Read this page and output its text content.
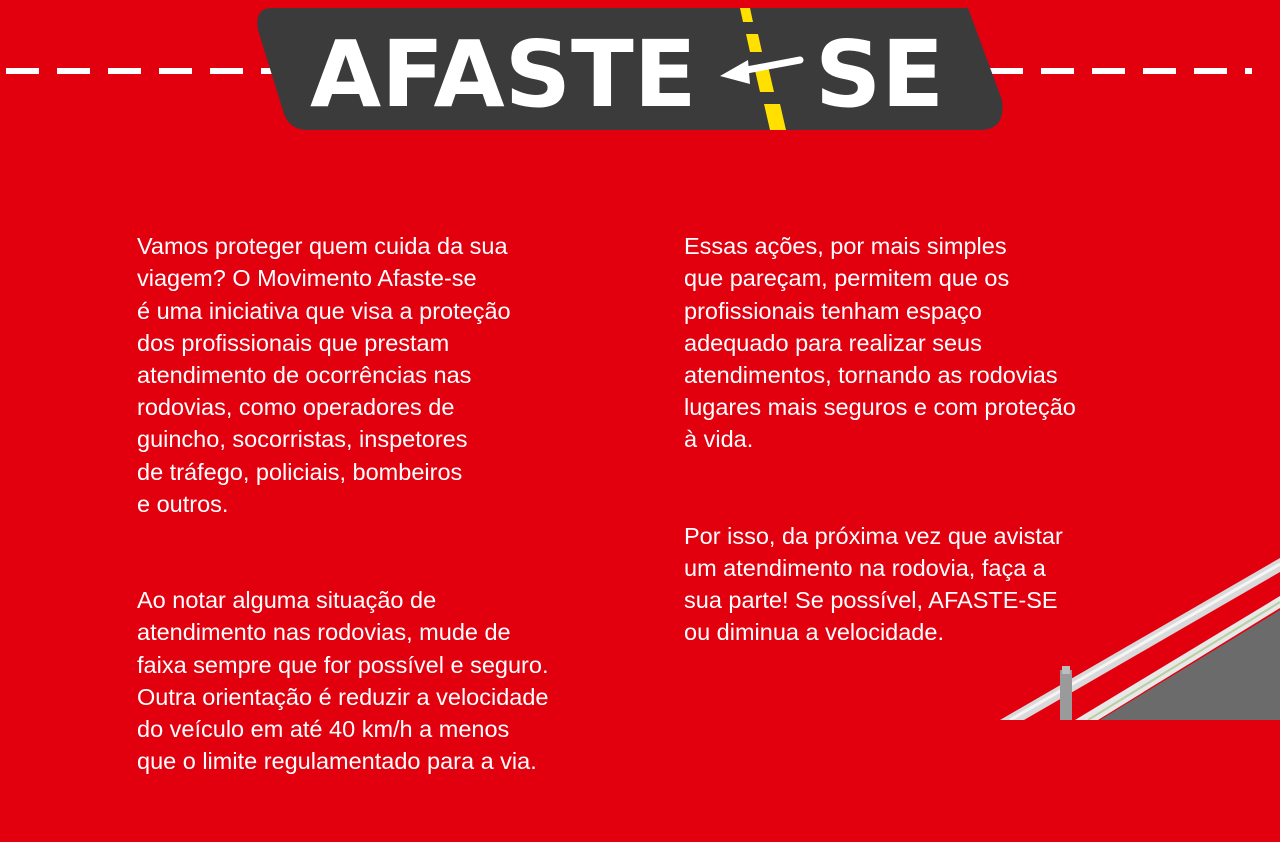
AFASTE SE

Vamos proteger quem cuida da sua
viagem? O Movimento Afaste-se
é uma iniciativa que visa a proteção
dos profissionais que prestam
atendimento de ocorrências nas
rodovias, como operadores de
guincho, socorristas, inspetores
de tráfego, policiais, bombeiros
e outros.

Ao notar alguma situação de
atendimento nas rodovias, mude de
faixa sempre que for possível e seguro.
Outra orientação é reduzir a velocidade
do veículo em até 40 km/h a menos
que o limite regulamentado para a via.

Essas ações, por mais simples
que pareçam, permitem que os
profissionais tenham espaço
adequado para realizar seus
atendimentos, tornando as rodovias
lugares mais seguros e com proteção
à vida.

Por isso, da próxima vez que avistar
um atendimento na rodovia, faça a
sua parte! Se possível, AFASTE-SE
ou diminua a velocidade.
